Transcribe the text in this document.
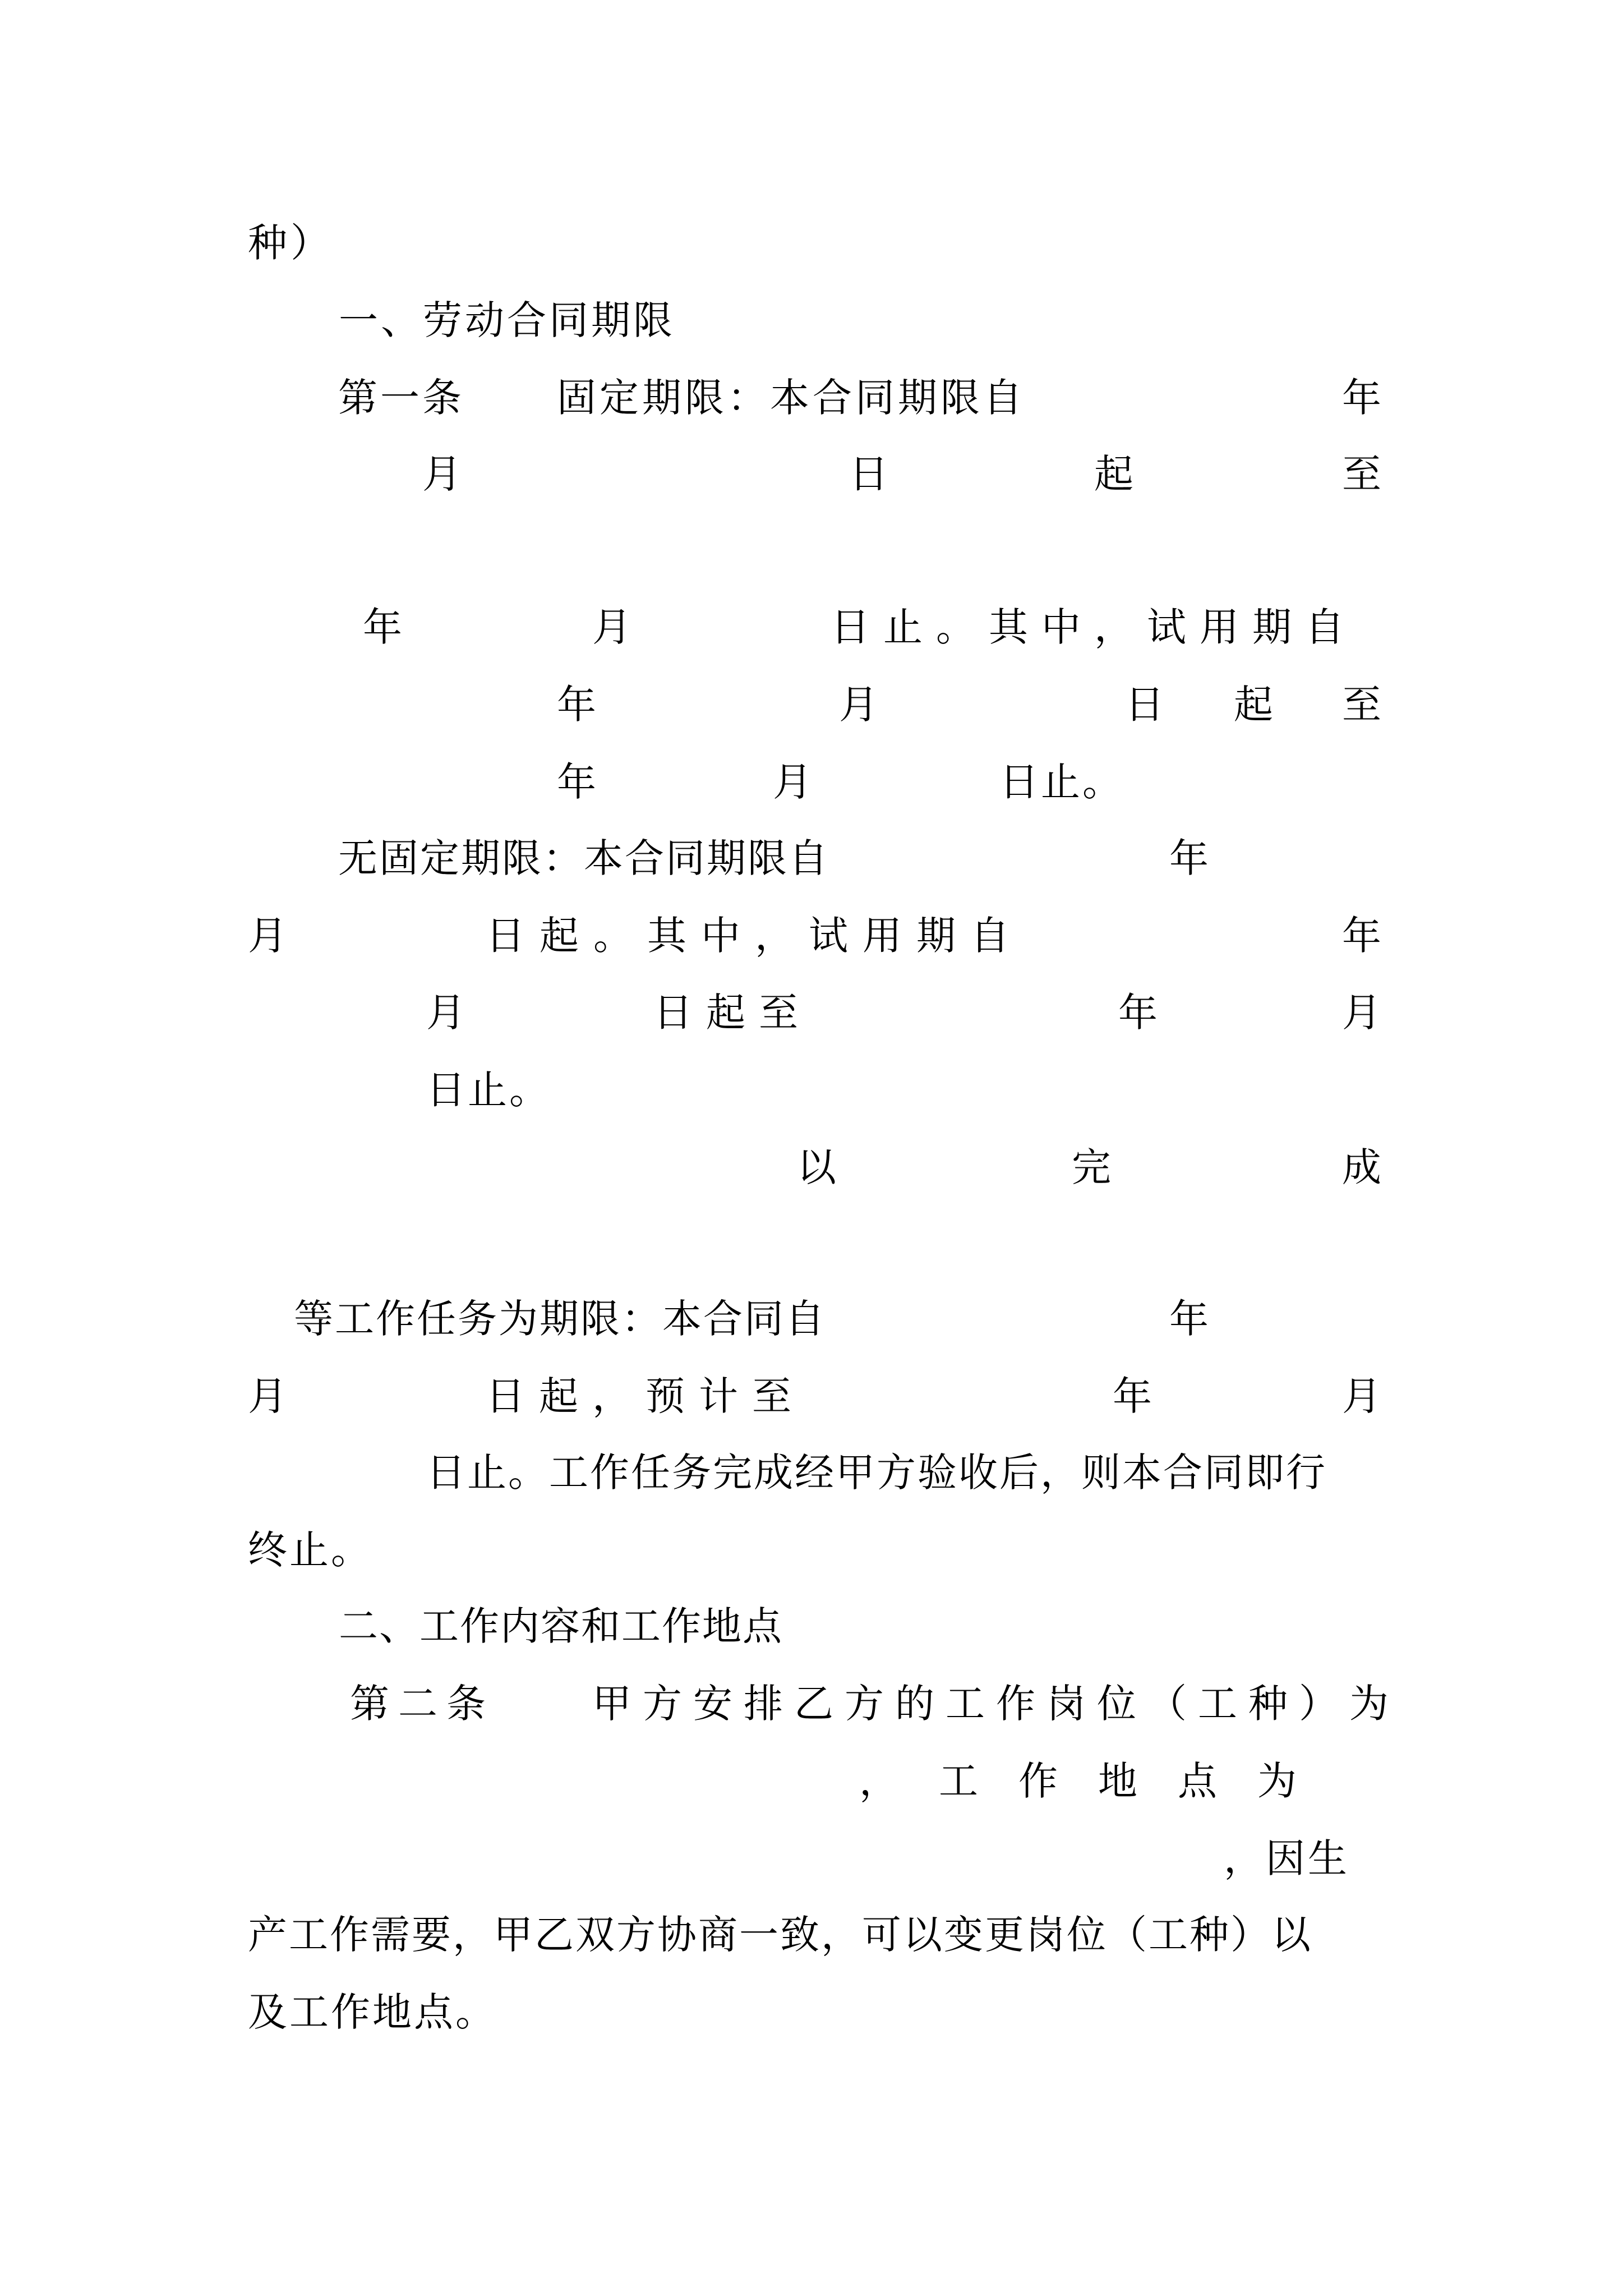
种）
一、劳动合同期限
第一条 固定期限：本合同期限自	年
月	日	起	至
年	月	日止。其中，试用期自
年	月	日 起 至
年	月	日止。
无固定期限：本合同期限自	年
月	日起。其中，试用期自	年
月	日起至	年	月
日止。
以	完	成
等工作任务为期限：本合同自	年
月	日起，预计至	年	月
日止。工作任务完成经甲方验收后，则本合同即行
终止。
二、工作内容和工作地点
第二条 甲方安排乙方的工作岗位（工种）为
，工作地点为
，因生
产工作需要，甲乙双方协商一致，可以变更岗位（工种）以
及工作地点。
